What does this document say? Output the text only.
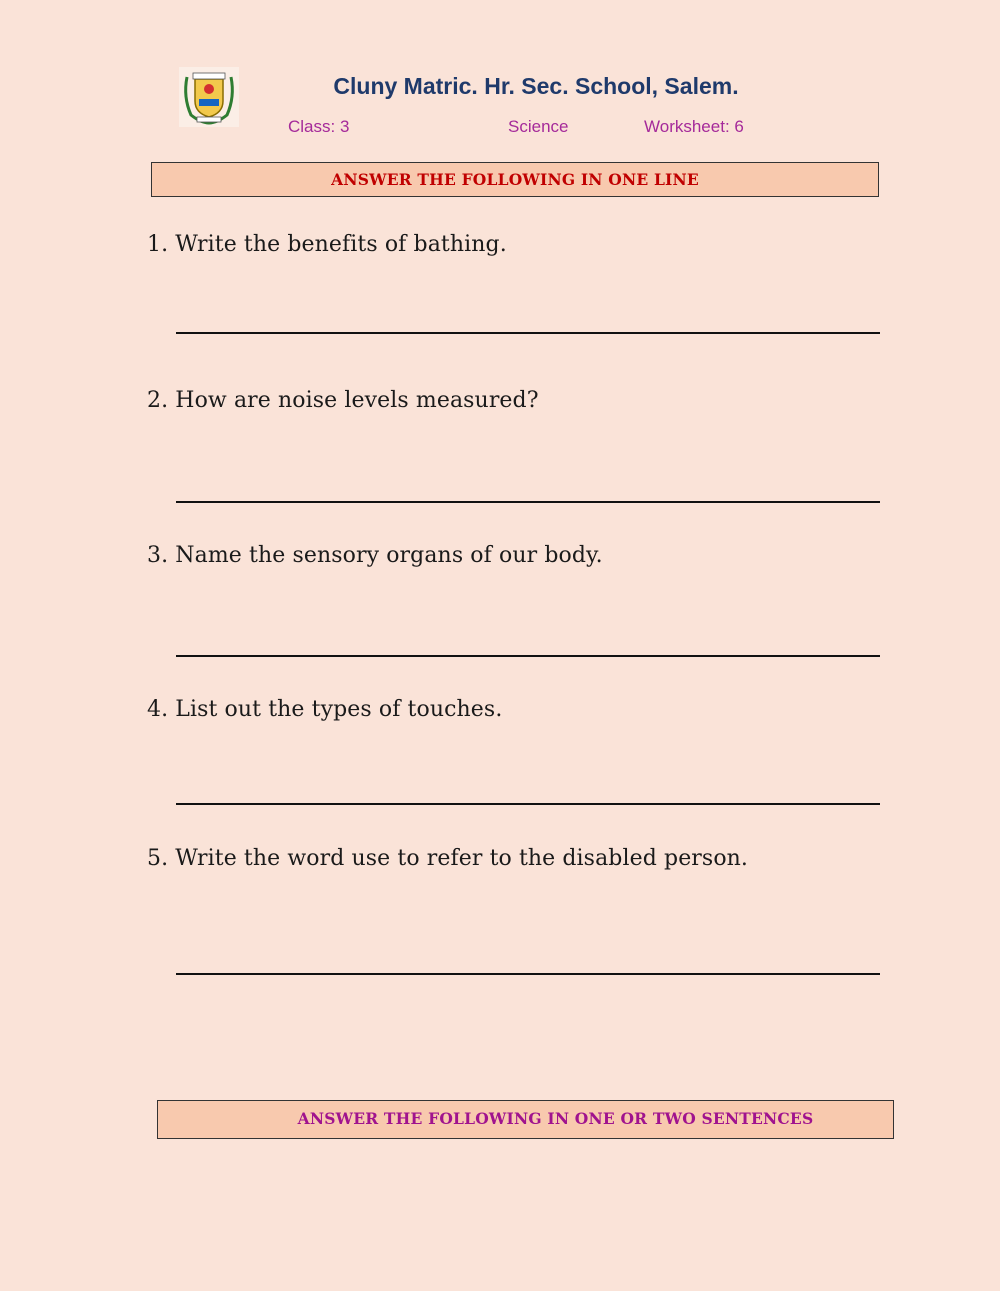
Cluny Matric. Hr. Sec. School, Salem.
Class: 3	Science	Worksheet: 6
ANSWER THE FOLLOWING IN ONE LINE
1. Write the benefits of bathing.
2. How are noise levels measured?
3. Name the sensory organs of our body.
4. List out the types of touches.
5. Write the word use to refer to the disabled person.
ANSWER THE FOLLOWING IN ONE OR TWO SENTENCES
